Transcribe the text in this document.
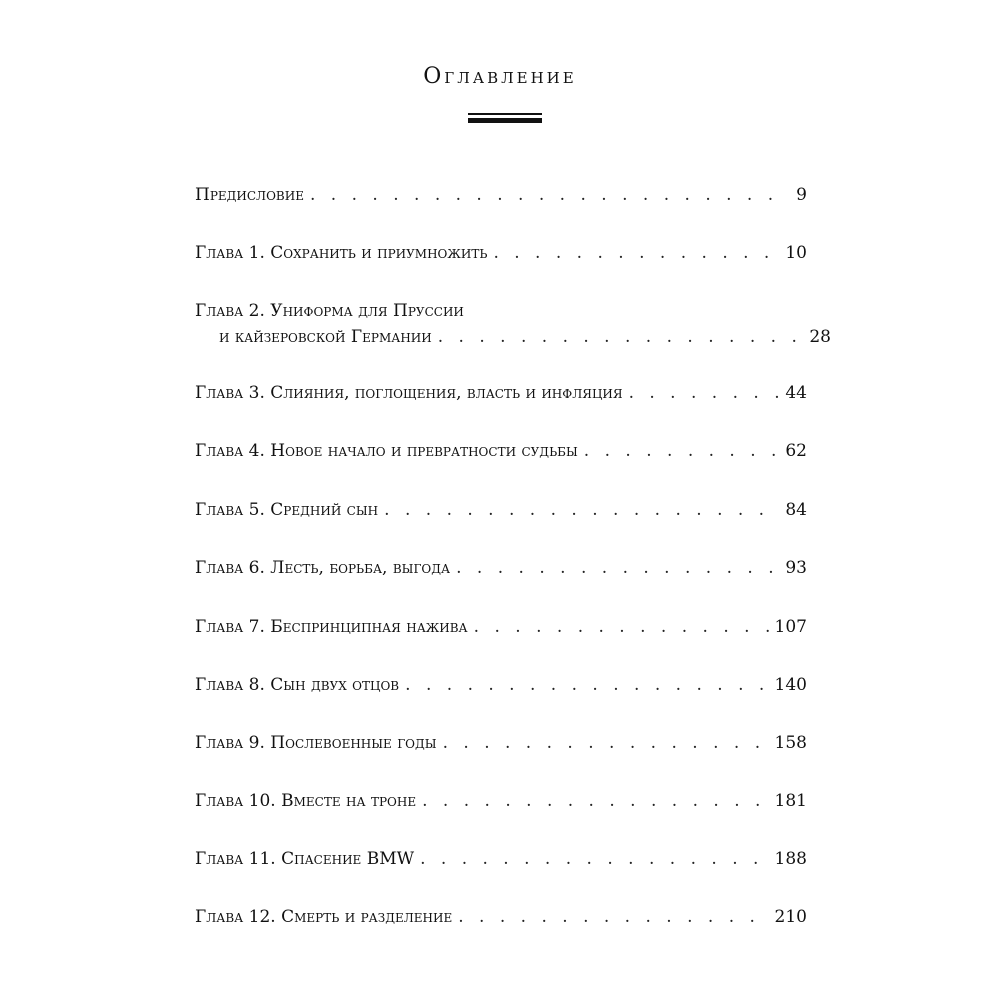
Оглавление
Предисловие . . .	9
Глава 1. Сохранить и приумножить . . .	10
Глава 2. Униформа для Пруссии
и кайзеровской Германии . . .	28
Глава 3. Слияния, поглощения, власть и инфляция . . .	44
Глава 4. Новое начало и превратности судьбы . . .	62
Глава 5. Средний сын . . .	84
Глава 6. Лесть, борьба, выгода . . .	93
Глава 7. Беспринципная нажива . . .	107
Глава 8. Сын двух отцов . . .	140
Глава 9. Послевоенные годы . . .	158
Глава 10. Вместе на троне . . .	181
Глава 11. Спасение BMW . . .	188
Глава 12. Смерть и разделение . . .	210
